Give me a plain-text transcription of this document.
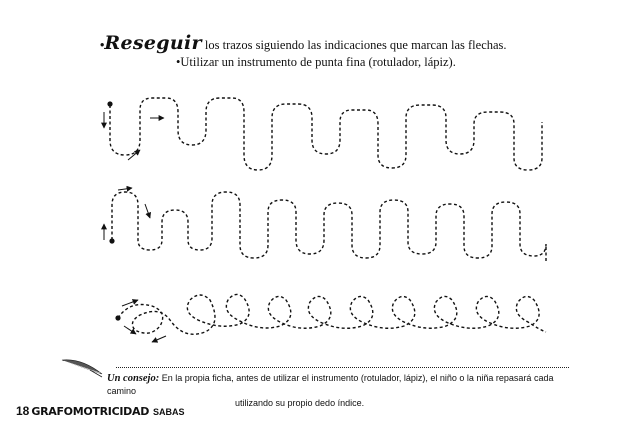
•Reseguir los trazos siguiendo las indicaciones que marcan las flechas.
•Utilizar un instrumento de punta fina (rotulador, lápiz).
Un consejo: En la propia ficha, antes de utilizar el instrumento (rotulador, lápiz), el niño o la niña repasará cada camino
utilizando su propio dedo índice.
18 GRAFOMOTRICIDAD SABAS
